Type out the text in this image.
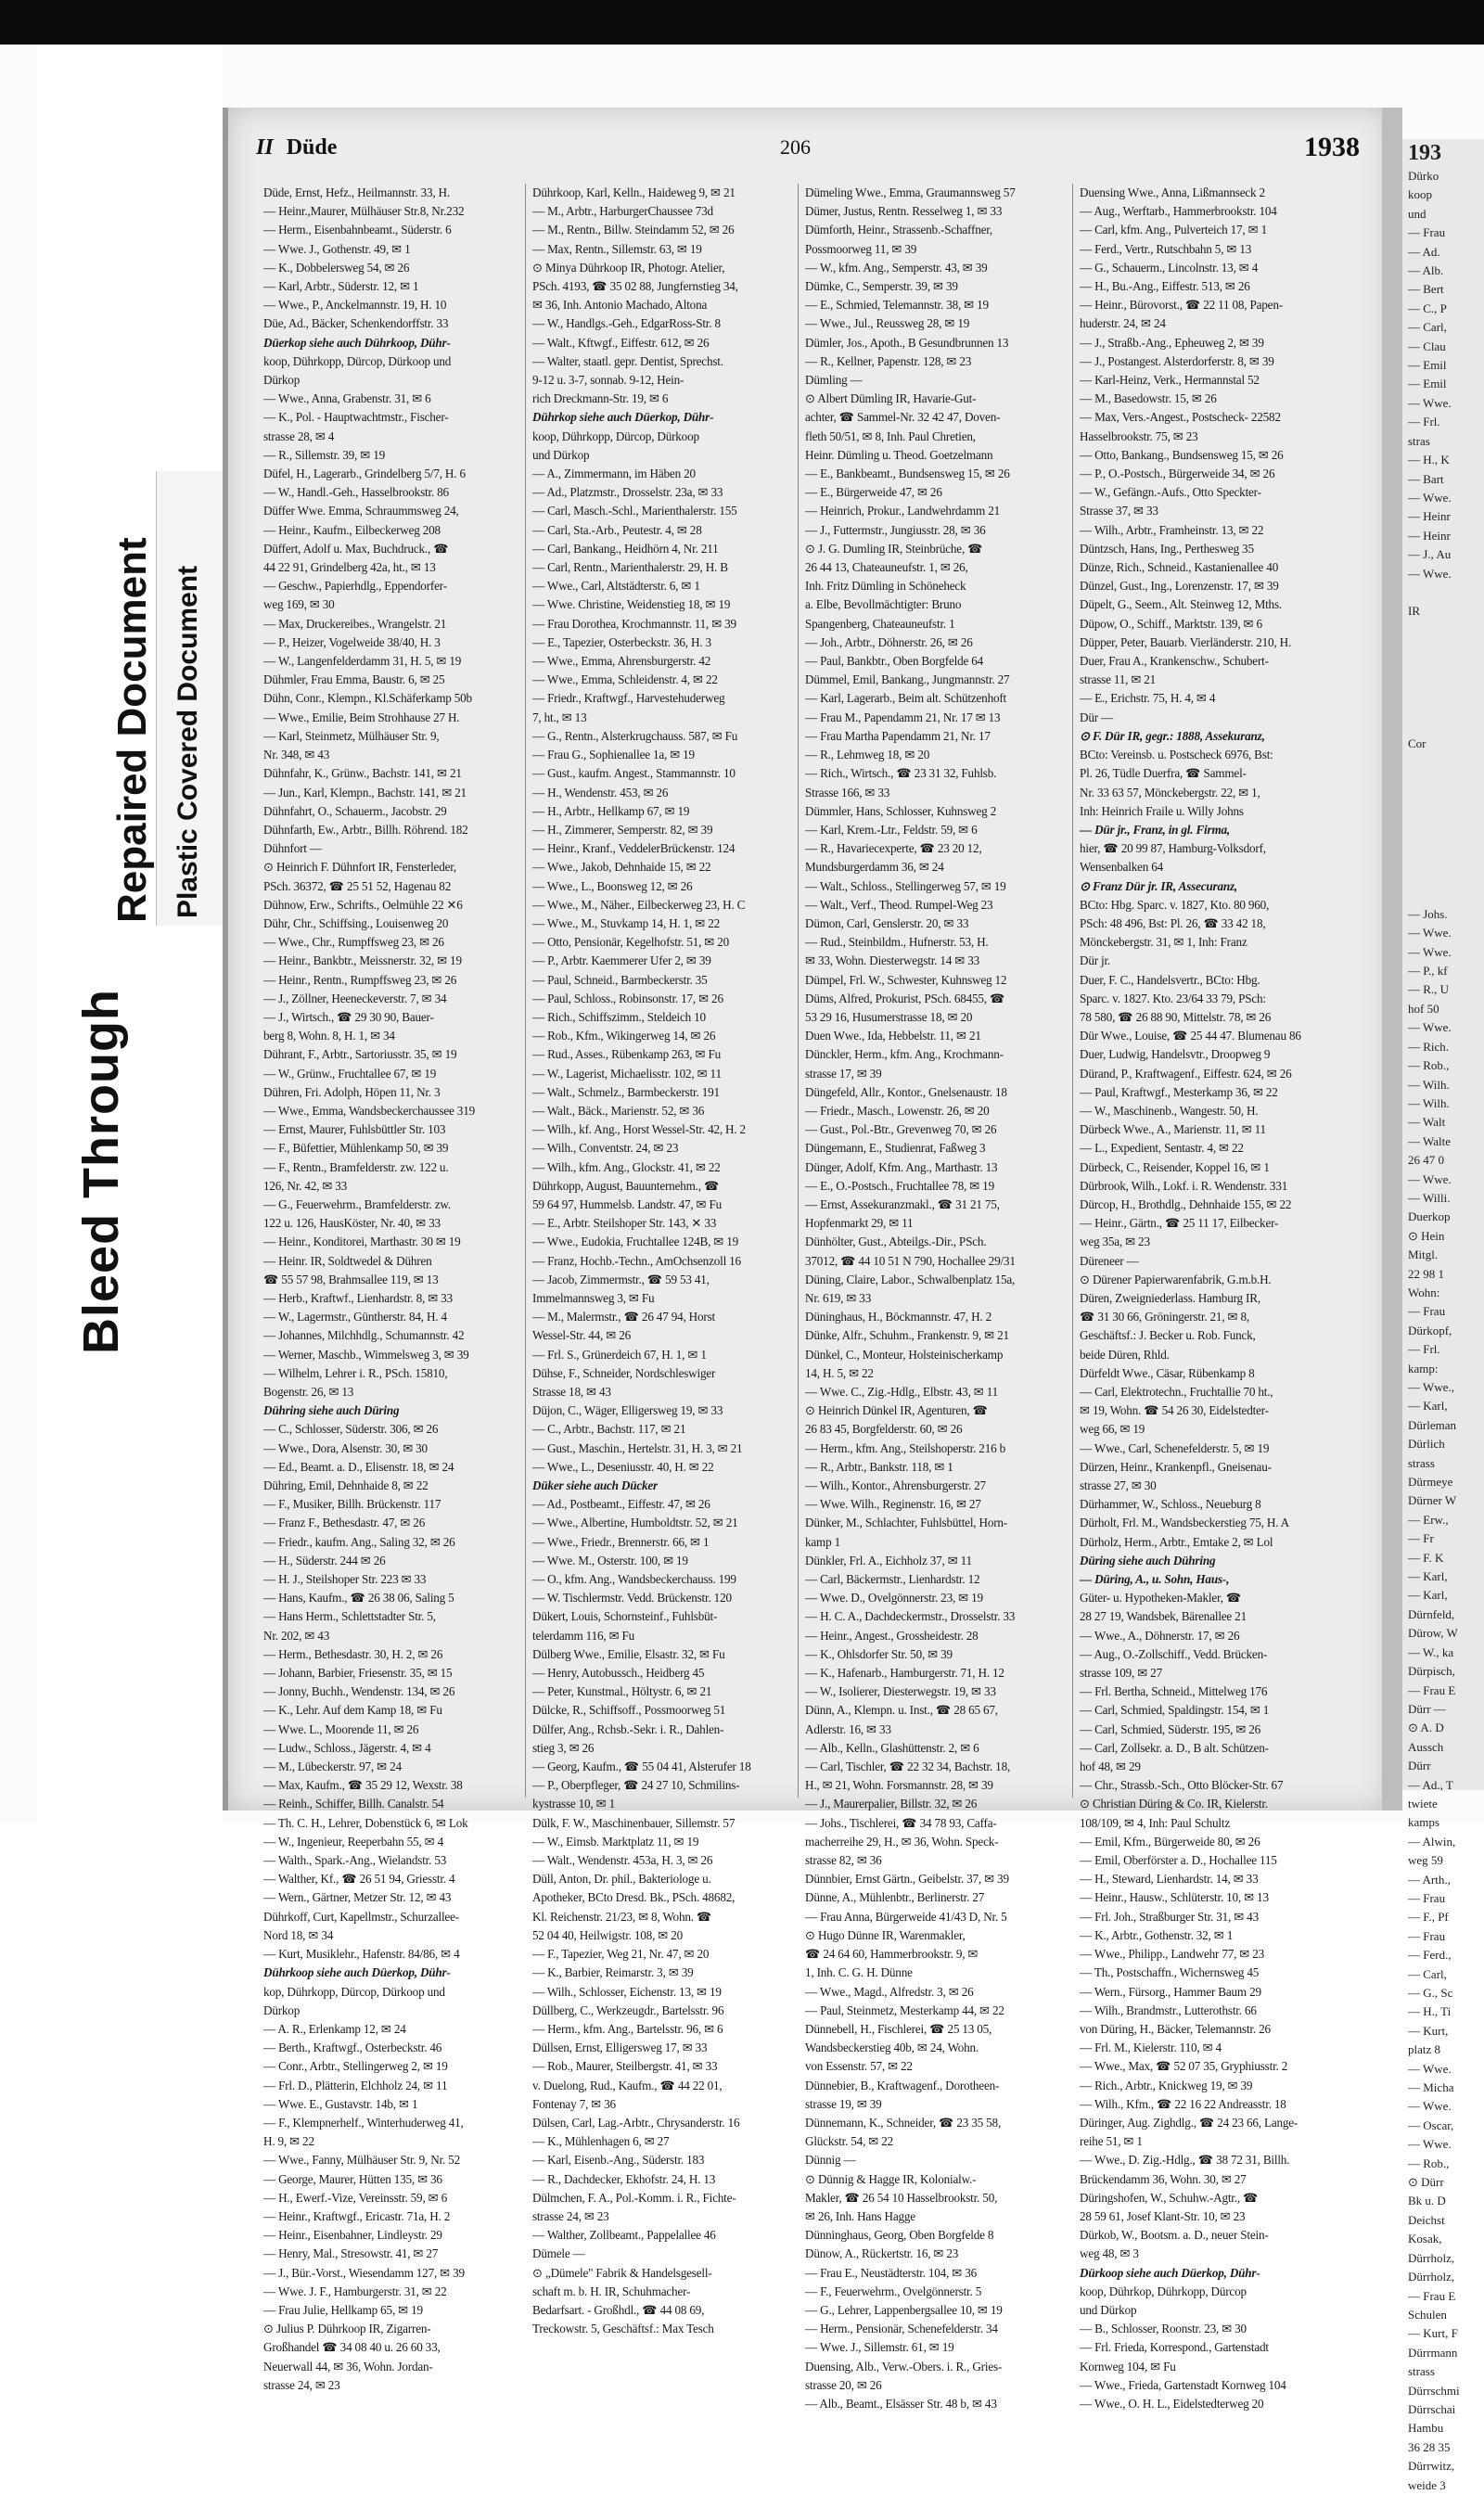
Bleed Through
Repaired Document Plastic Covered Document
II Düde	206	1938
Düde, Ernst, Hefz., Heilmannstr. 33, H.
— Heinr.,Maurer, Mülhäuser Str.8, Nr.232
— Herm., Eisenbahnbeamt., Süderstr. 6
— Wwe. J., Gothenstr. 49, ✉ 1
— K., Dobbelersweg 54, ✉ 26
— Karl, Arbtr., Süderstr. 12, ✉ 1
— Wwe., P., Anckelmannstr. 19, H. 10
Düe, Ad., Bäcker, Schenkendorffstr. 33
Düerkop siehe auch Dührkoop, Dühr-
koop, Dührkopp, Dürcop, Dürkoop und
Dürkop
— Wwe., Anna, Grabenstr. 31, ✉ 6
— K., Pol. - Hauptwachtmstr., Fischer-
strasse 28, ✉ 4
— R., Sillemstr. 39, ✉ 19
Düfel, H., Lagerarb., Grindelberg 5/7, H. 6
— W., Handl.-Geh., Hasselbrookstr. 86
Düffer Wwe. Emma, Schraummsweg 24,
— Heinr., Kaufm., Eilbeckerweg 208
Düffert, Adolf u. Max, Buchdruck., ☎
44 22 91, Grindelberg 42a, ht., ✉ 13
— Geschw., Papierhdlg., Eppendorfer-
weg 169, ✉ 30
— Max, Druckereibes., Wrangelstr. 21
— P., Heizer, Vogelweide 38/40, H. 3
— W., Langenfelderdamm 31, H. 5, ✉ 19
Dühmler, Frau Emma, Baustr. 6, ✉ 25
Dühn, Conr., Klempn., Kl.Schäferkamp 50b
— Wwe., Emilie, Beim Strohhause 27 H.
— Karl, Steinmetz, Mülhäuser Str. 9,
Nr. 348, ✉ 43
Dühnfahr, K., Grünw., Bachstr. 141, ✉ 21
— Jun., Karl, Klempn., Bachstr. 141, ✉ 21
Dühnfahrt, O., Schauerm., Jacobstr. 29
Dühnfarth, Ew., Arbtr., Billh. Röhrend. 182
Dühnfort —
⊙ Heinrich F. Dühnfort IR, Fensterleder,
PSch. 36372, ☎ 25 51 52, Hagenau 82
Dühnow, Erw., Schrifts., Oelmühle 22 ✕6
Dühr, Chr., Schiffsing., Louisenweg 20
— Wwe., Chr., Rumpffsweg 23, ✉ 26
— Heinr., Bankbtr., Meissnerstr. 32, ✉ 19
— Heinr., Rentn., Rumpffsweg 23, ✉ 26
— J., Zöllner, Heeneckeverstr. 7, ✉ 34
— J., Wirtsch., ☎ 29 30 90, Bauer-
berg 8, Wohn. 8, H. 1, ✉ 34
Dührant, F., Arbtr., Sartoriusstr. 35, ✉ 19
— W., Grünw., Fruchtallee 67, ✉ 19
Dühren, Fri. Adolph, Höpen 11, Nr. 3
— Wwe., Emma, Wandsbeckerchaussee 319
— Ernst, Maurer, Fuhlsbüttler Str. 103
— F., Büfettier, Mühlenkamp 50, ✉ 39
— F., Rentn., Bramfelderstr. zw. 122 u.
126, Nr. 42, ✉ 33
— G., Feuerwehrm., Bramfelderstr. zw.
122 u. 126, HausKöster, Nr. 40, ✉ 33
— Heinr., Konditorei, Marthastr. 30 ✉ 19
— Heinr. IR, Soldtwedel & Dühren
☎ 55 57 98, Brahmsallee 119, ✉ 13
— Herb., Kraftwf., Lienhardstr. 8, ✉ 33
— W., Lagermstr., Güntherstr. 84, H. 4
— Johannes, Milchhdlg., Schumannstr. 42
— Werner, Maschb., Wimmelsweg 3, ✉ 39
— Wilhelm, Lehrer i. R., PSch. 15810,
Bogenstr. 26, ✉ 13
Dühring siehe auch Düring
— C., Schlosser, Süderstr. 306, ✉ 26
— Wwe., Dora, Alsenstr. 30, ✉ 30
— Ed., Beamt. a. D., Elisenstr. 18, ✉ 24
Dühring, Emil, Dehnhaide 8, ✉ 22
— F., Musiker, Billh. Brückenstr. 117
— Franz F., Bethesdastr. 47, ✉ 26
— Friedr., kaufm. Ang., Saling 32, ✉ 26
— H., Süderstr. 244 ✉ 26
— H. J., Steilshoper Str. 223 ✉ 33
— Hans, Kaufm., ☎ 26 38 06, Saling 5
— Hans Herm., Schlettstadter Str. 5,
Nr. 202, ✉ 43
— Herm., Bethesdastr. 30, H. 2, ✉ 26
— Johann, Barbier, Friesenstr. 35, ✉ 15
— Jonny, Buchh., Wendenstr. 134, ✉ 26
— K., Lehr. Auf dem Kamp 18, ✉ Fu
— Wwe. L., Moorende 11, ✉ 26
— Ludw., Schloss., Jägerstr. 4, ✉ 4
— M., Lübeckerstr. 97, ✉ 24
— Max, Kaufm., ☎ 35 29 12, Wexstr. 38
— Reinh., Schiffer, Billh. Canalstr. 54
— Th. C. H., Lehrer, Dobenstück 6, ✉ Lok
— W., Ingenieur, Reeperbahn 55, ✉ 4
— Walth., Spark.-Ang., Wielandstr. 53
— Walther, Kf., ☎ 26 51 94, Griesstr. 4
— Wern., Gärtner, Metzer Str. 12, ✉ 43
Dührkoff, Curt, Kapellmstr., Schurzallee-
Nord 18, ✉ 34
— Kurt, Musiklehr., Hafenstr. 84/86, ✉ 4
Dührkoop siehe auch Düerkop, Dühr-
kop, Dührkopp, Dürcop, Dürkoop und
Dürkop
— A. R., Erlenkamp 12, ✉ 24
— Berth., Kraftwgf., Osterbeckstr. 46
— Conr., Arbtr., Stellingerweg 2, ✉ 19
— Frl. D., Plätterin, Elchholz 24, ✉ 11
— Wwe. E., Gustavstr. 14b, ✉ 1
— F., Klempnerhelf., Winterhuderweg 41,
H. 9, ✉ 22
— Wwe., Fanny, Mülhäuser Str. 9, Nr. 52
— George, Maurer, Hütten 135, ✉ 36
— H., Ewerf.-Vize, Vereinsstr. 59, ✉ 6
— Heinr., Kraftwgf., Ericastr. 71a, H. 2
— Heinr., Eisenbahner, Lindleystr. 29
— Henry, Mal., Stresowstr. 41, ✉ 27
— J., Bür.-Vorst., Wiesendamm 127, ✉ 39
— Wwe. J. F., Hamburgerstr. 31, ✉ 22
— Frau Julie, Hellkamp 65, ✉ 19
⊙ Julius P. Dührkoop IR, Zigarren-
Großhandel ☎ 34 08 40 u. 26 60 33,
Neuerwall 44, ✉ 36, Wohn. Jordan-
strasse 24, ✉ 23
Dührkoop, Karl, Kelln., Haideweg 9, ✉ 21
— M., Arbtr., HarburgerChaussee 73d
— M., Rentn., Billw. Steindamm 52, ✉ 26
— Max, Rentn., Sillemstr. 63, ✉ 19
⊙ Minya Dührkoop IR, Photogr. Atelier,
PSch. 4193, ☎ 35 02 88, Jungfernstieg 34,
✉ 36, Inh. Antonio Machado, Altona
— W., Handlgs.-Geh., EdgarRoss-Str. 8
— Walt., Kftwgf., Eiffestr. 612, ✉ 26
— Walter, staatl. gepr. Dentist, Sprechst.
9-12 u. 3-7, sonnab. 9-12, Hein-
rich Dreckmann-Str. 19, ✉ 6
Dührkop siehe auch Düerkop, Dühr-
koop, Dührkopp, Dürcop, Dürkoop
und Dürkop
— A., Zimmermann, im Häben 20
— Ad., Platzmstr., Drosselstr. 23a, ✉ 33
— Carl, Masch.-Schl., Marienthalerstr. 155
— Carl, Sta.-Arb., Peutestr. 4, ✉ 28
— Carl, Bankang., Heidhörn 4, Nr. 211
— Carl, Rentn., Marienthalerstr. 29, H. B
— Wwe., Carl, Altstädterstr. 6, ✉ 1
— Wwe. Christine, Weidenstieg 18, ✉ 19
— Frau Dorothea, Krochmannstr. 11, ✉ 39
— E., Tapezier, Osterbeckstr. 36, H. 3
— Wwe., Emma, Ahrensburgerstr. 42
— Wwe., Emma, Schleidenstr. 4, ✉ 22
— Friedr., Kraftwgf., Harvestehuderweg
7, ht., ✉ 13
— G., Rentn., Alsterkrugchauss. 587, ✉ Fu
— Frau G., Sophienallee 1a, ✉ 19
— Gust., kaufm. Angest., Stammannstr. 10
— H., Wendenstr. 453, ✉ 26
— H., Arbtr., Hellkamp 67, ✉ 19
— H., Zimmerer, Semperstr. 82, ✉ 39
— Heinr., Kranf., VeddelerBrückenstr. 124
— Wwe., Jakob, Dehnhaide 15, ✉ 22
— Wwe., L., Boonsweg 12, ✉ 26
— Wwe., M., Näher., Eilbeckerweg 23, H. C
— Wwe., M., Stuvkamp 14, H. 1, ✉ 22
— Otto, Pensionär, Kegelhofstr. 51, ✉ 20
— P., Arbtr. Kaemmerer Ufer 2, ✉ 39
— Paul, Schneid., Barmbeckerstr. 35
— Paul, Schloss., Robinsonstr. 17, ✉ 26
— Rich., Schiffszimm., Steldeich 10
— Rob., Kfm., Wikingerweg 14, ✉ 26
— Rud., Asses., Rübenkamp 263, ✉ Fu
— W., Lagerist, Michaelisstr. 102, ✉ 11
— Walt., Schmelz., Barmbeckerstr. 191
— Walt., Bäck., Marienstr. 52, ✉ 36
— Wilh., kf. Ang., Horst Wessel-Str. 42, H. 2
— Wilh., Conventstr. 24, ✉ 23
— Wilh., kfm. Ang., Glockstr. 41, ✉ 22
Dührkopp, August, Bauunternehm., ☎
59 64 97, Hummelsb. Landstr. 47, ✉ Fu
— E., Arbtr. Steilshoper Str. 143, ✕ 33
— Wwe., Eudokia, Fruchtallee 124B, ✉ 19
— Franz, Hochb.-Techn., AmOchsenzoll 16
— Jacob, Zimmermstr., ☎ 59 53 41,
Immelmannsweg 3, ✉ Fu
— M., Malermstr., ☎ 26 47 94, Horst
Wessel-Str. 44, ✉ 26
— Frl. S., Grünerdeich 67, H. 1, ✉ 1
Dühse, F., Schneider, Nordschleswiger
Strasse 18, ✉ 43
Düjon, C., Wäger, Elligersweg 19, ✉ 33
— C., Arbtr., Bachstr. 117, ✉ 21
— Gust., Maschin., Hertelstr. 31, H. 3, ✉ 21
— Wwe., L., Deseniusstr. 40, H. ✉ 22
Düker siehe auch Dücker
— Ad., Postbeamt., Eiffestr. 47, ✉ 26
— Wwe., Albertine, Humboldtstr. 52, ✉ 21
— Wwe., Friedr., Brennerstr. 66, ✉ 1
— Wwe. M., Osterstr. 100, ✉ 19
— O., kfm. Ang., Wandsbeckerchauss. 199
— W. Tischlermstr. Vedd. Brückenstr. 120
Dükert, Louis, Schornsteinf., Fuhlsbüt-
telerdamm 116, ✉ Fu
Dülberg Wwe., Emilie, Elsastr. 32, ✉ Fu
— Henry, Autobussch., Heidberg 45
— Peter, Kunstmal., Höltystr. 6, ✉ 21
Dülcke, R., Schiffsoff., Possmoorweg 51
Dülfer, Ang., Rchsb.-Sekr. i. R., Dahlen-
stieg 3, ✉ 26
— Georg, Kaufm., ☎ 55 04 41, Alsterufer 18
— P., Oberpfleger, ☎ 24 27 10, Schmilins-
kystrasse 10, ✉ 1
Dülk, F. W., Maschinenbauer, Sillemstr. 57
— W., Eimsb. Marktplatz 11, ✉ 19
— Walt., Wendenstr. 453a, H. 3, ✉ 26
Düll, Anton, Dr. phil., Bakteriologe u.
Apotheker, BCto Dresd. Bk., PSch. 48682,
Kl. Reichenstr. 21/23, ✉ 8, Wohn. ☎
52 04 40, Heilwigstr. 108, ✉ 20
— F., Tapezier, Weg 21, Nr. 47, ✉ 20
— K., Barbier, Reimarstr. 3, ✉ 39
— Wilh., Schlosser, Eichenstr. 13, ✉ 19
Düllberg, C., Werkzeugdr., Bartelsstr. 96
— Herm., kfm. Ang., Bartelsstr. 96, ✉ 6
Düllsen, Ernst, Elligersweg 17, ✉ 33
— Rob., Maurer, Steilbergstr. 41, ✉ 33
v. Duelong, Rud., Kaufm., ☎ 44 22 01,
Fontenay 7, ✉ 36
Dülsen, Carl, Lag.-Arbtr., Chrysanderstr. 16
— K., Mühlenhagen 6, ✉ 27
— Karl, Eisenb.-Ang., Süderstr. 183
— R., Dachdecker, Ekhofstr. 24, H. 13
Dülmchen, F. A., Pol.-Komm. i. R., Fichte-
strasse 24, ✉ 23
— Walther, Zollbeamt., Pappelallee 46
Dümele —
⊙ „Dümele" Fabrik & Handelsgesell-
schaft m. b. H. IR, Schuhmacher-
Bedarfsart. - Großhdl., ☎ 44 08 69,
Treckowstr. 5, Geschäftsf.: Max Tesch
Dümeling Wwe., Emma, Graumannsweg 57
Dümer, Justus, Rentn. Resselweg 1, ✉ 33
Dümforth, Heinr., Strassenb.-Schaffner,
Possmoorweg 11, ✉ 39
— W., kfm. Ang., Semperstr. 43, ✉ 39
Dümke, C., Semperstr. 39, ✉ 39
— E., Schmied, Telemannstr. 38, ✉ 19
— Wwe., Jul., Reussweg 28, ✉ 19
Dümler, Jos., Apoth., B Gesundbrunnen 13
— R., Kellner, Papenstr. 128, ✉ 23
Dümling —
⊙ Albert Dümling IR, Havarie-Gut-
achter, ☎ Sammel-Nr. 32 42 47, Doven-
fleth 50/51, ✉ 8, Inh. Paul Chretien,
Heinr. Dümling u. Theod. Goetzelmann
— E., Bankbeamt., Bundsensweg 15, ✉ 26
— E., Bürgerweide 47, ✉ 26
— Heinrich, Prokur., Landwehrdamm 21
— J., Futtermstr., Jungiusstr. 28, ✉ 36
⊙ J. G. Dumling IR, Steinbrüche, ☎
26 44 13, Chateauneufstr. 1, ✉ 26,
Inh. Fritz Dümling in Schöneheck
a. Elbe, Bevollmächtigter: Bruno
Spangenberg, Chateauneufstr. 1
— Joh., Arbtr., Döhnerstr. 26, ✉ 26
— Paul, Bankbtr., Oben Borgfelde 64
Dümmel, Emil, Bankang., Jungmannstr. 27
— Karl, Lagerarb., Beim alt. Schützenhoft
— Frau M., Papendamm 21, Nr. 17 ✉ 13
— Frau Martha Papendamm 21, Nr. 17
— R., Lehmweg 18, ✉ 20
— Rich., Wirtsch., ☎ 23 31 32, Fuhlsb.
Strasse 166, ✉ 33
Dümmler, Hans, Schlosser, Kuhnsweg 2
— Karl, Krem.-Ltr., Feldstr. 59, ✉ 6
— R., Havariecexperte, ☎ 23 20 12,
Mundsburgerdamm 36, ✉ 24
— Walt., Schloss., Stellingerweg 57, ✉ 19
— Walt., Verf., Theod. Rumpel-Weg 23
Dümon, Carl, Genslerstr. 20, ✉ 33
— Rud., Steinbildm., Hufnerstr. 53, H.
✉ 33, Wohn. Diesterwegstr. 14 ✉ 33
Dümpel, Frl. W., Schwester, Kuhnsweg 12
Düms, Alfred, Prokurist, PSch. 68455, ☎
53 29 16, Husumerstrasse 18, ✉ 20
Duen Wwe., Ida, Hebbelstr. 11, ✉ 21
Dünckler, Herm., kfm. Ang., Krochmann-
strasse 17, ✉ 39
Düngefeld, Allr., Kontor., Gnelsenaustr. 18
— Friedr., Masch., Lowenstr. 26, ✉ 20
— Gust., Pol.-Btr., Grevenweg 70, ✉ 26
Düngemann, E., Studienrat, Faßweg 3
Dünger, Adolf, Kfm. Ang., Marthastr. 13
— E., O.-Postsch., Fruchtallee 78, ✉ 19
— Ernst, Assekuranzmakl., ☎ 31 21 75,
Hopfenmarkt 29, ✉ 11
Dünhölter, Gust., Abteilgs.-Dir., PSch.
37012, ☎ 44 10 51 N 790, Hochallee 29/31
Düning, Claire, Labor., Schwalbenplatz 15a,
Nr. 619, ✉ 33
Düninghaus, H., Böckmannstr. 47, H. 2
Dünke, Alfr., Schuhm., Frankenstr. 9, ✉ 21
Dünkel, C., Monteur, Holsteinischerkamp
14, H. 5, ✉ 22
— Wwe. C., Zig.-Hdlg., Elbstr. 43, ✉ 11
⊙ Heinrich Dünkel IR, Agenturen, ☎
26 83 45, Borgfelderstr. 60, ✉ 26
— Herm., kfm. Ang., Steilshoperstr. 216 b
— R., Arbtr., Bankstr. 118, ✉ 1
— Wilh., Kontor., Ahrensburgerstr. 27
— Wwe. Wilh., Reginenstr. 16, ✉ 27
Dünker, M., Schlachter, Fuhlsbüttel, Horn-
kamp 1
Dünkler, Frl. A., Eichholz 37, ✉ 11
— Carl, Bäckermstr., Lienhardstr. 12
— Wwe. D., Ovelgönnerstr. 23, ✉ 19
— H. C. A., Dachdeckermstr., Drosselstr. 33
— Heinr., Angest., Grossheidestr. 28
— K., Ohlsdorfer Str. 50, ✉ 39
— K., Hafenarb., Hamburgerstr. 71, H. 12
— W., Isolierer, Diesterwegstr. 19, ✉ 33
Dünn, A., Klempn. u. Inst., ☎ 28 65 67,
Adlerstr. 16, ✉ 33
— Alb., Kelln., Glashüttenstr. 2, ✉ 6
— Carl, Tischler, ☎ 22 32 34, Bachstr. 18,
H., ✉ 21, Wohn. Forsmannstr. 28, ✉ 39
— J., Maurerpalier, Billstr. 32, ✉ 26
— Johs., Tischlerei, ☎ 34 78 93, Caffa-
macherreihe 29, H., ✉ 36, Wohn. Speck-
strasse 82, ✉ 36
Dünnbier, Ernst Gärtn., Geibelstr. 37, ✉ 39
Dünne, A., Mühlenbtr., Berlinerstr. 27
— Frau Anna, Bürgerweide 41/43 D, Nr. 5
⊙ Hugo Dünne IR, Warenmakler,
☎ 24 64 60, Hammerbrookstr. 9, ✉
1, Inh. C. G. H. Dünne
— Wwe., Magd., Alfredstr. 3, ✉ 26
— Paul, Steinmetz, Mesterkamp 44, ✉ 22
Dünnebell, H., Fischlerei, ☎ 25 13 05,
Wandsbeckerstieg 40b, ✉ 24, Wohn.
von Essenstr. 57, ✉ 22
Dünnebier, B., Kraftwagenf., Dorotheen-
strasse 19, ✉ 39
Dünnemann, K., Schneider, ☎ 23 35 58,
Glückstr. 54, ✉ 22
Dünnig —
⊙ Dünnig & Hagge IR, Kolonialw.-
Makler, ☎ 26 54 10 Hasselbrookstr. 50,
✉ 26, Inh. Hans Hagge
Dünninghaus, Georg, Oben Borgfelde 8
Dünow, A., Rückertstr. 16, ✉ 23
— Frau E., Neustädterstr. 104, ✉ 36
— F., Feuerwehrm., Ovelgönnerstr. 5
— G., Lehrer, Lappenbergsallee 10, ✉ 19
— Herm., Pensionär, Schenefelderstr. 34
— Wwe. J., Sillemstr. 61, ✉ 19
Duensing, Alb., Verw.-Obers. i. R., Gries-
strasse 20, ✉ 26
— Alb., Beamt., Elsässer Str. 48 b, ✉ 43
Duensing Wwe., Anna, Lißmannseck 2
— Aug., Werftarb., Hammerbrookstr. 104
— Carl, kfm. Ang., Pulverteich 17, ✉ 1
— Ferd., Vertr., Rutschbahn 5, ✉ 13
— G., Schauerm., Lincolnstr. 13, ✉ 4
— H., Bu.-Ang., Eiffestr. 513, ✉ 26
— Heinr., Bürovorst., ☎ 22 11 08, Papen-
huderstr. 24, ✉ 24
— J., Straßb.-Ang., Epheuweg 2, ✉ 39
— J., Postangest. Alsterdorferstr. 8, ✉ 39
— Karl-Heinz, Verk., Hermannstal 52
— M., Basedowstr. 15, ✉ 26
— Max, Vers.-Angest., Postscheck- 22582
Hasselbrookstr. 75, ✉ 23
— Otto, Bankang., Bundsensweg 15, ✉ 26
— P., O.-Postsch., Bürgerweide 34, ✉ 26
— W., Gefängn.-Aufs., Otto Speckter-
Strasse 37, ✉ 33
— Wilh., Arbtr., Framheinstr. 13, ✉ 22
Düntzsch, Hans, Ing., Perthesweg 35
Dünze, Rich., Schneid., Kastanienallee 40
Dünzel, Gust., Ing., Lorenzenstr. 17, ✉ 39
Düpelt, G., Seem., Alt. Steinweg 12, Mths.
Düpow, O., Schiff., Marktstr. 139, ✉ 6
Düpper, Peter, Bauarb. Vierländerstr. 210, H.
Duer, Frau A., Krankenschw., Schubert-
strasse 11, ✉ 21
— E., Erichstr. 75, H. 4, ✉ 4
Dür —
⊙ F. Dür IR, gegr.: 1888, Assekuranz,
BCto: Vereinsb. u. Postscheck 6976, Bst:
Pl. 26, Tüdle Duerfra, ☎ Sammel-
Nr. 33 63 57, Mönckebergstr. 22, ✉ 1,
Inh: Heinrich Fraile u. Willy Johns
— Dür jr., Franz, in gl. Firma,
hier, ☎ 20 99 87, Hamburg-Volksdorf,
Wensenbalken 64
⊙ Franz Dür jr. IR, Assecuranz,
BCto: Hbg. Sparc. v. 1827, Kto. 80 960,
PSch: 48 496, Bst: Pl. 26, ☎ 33 42 18,
Mönckebergstr. 31, ✉ 1, Inh: Franz
Dür jr.
Duer, F. C., Handelsvertr., BCto: Hbg.
Sparc. v. 1827. Kto. 23/64 33 79, PSch:
78 580, ☎ 26 88 90, Mittelstr. 78, ✉ 26
Dür Wwe., Louise, ☎ 25 44 47. Blumenau 86
Duer, Ludwig, Handelsvtr., Droopweg 9
Dürand, P., Kraftwagenf., Eiffestr. 624, ✉ 26
— Paul, Kraftwgf., Mesterkamp 36, ✉ 22
— W., Maschinenb., Wangestr. 50, H.
Dürbeck Wwe., A., Marienstr. 11, ✉ 11
— L., Expedient, Sentastr. 4, ✉ 22
Dürbeck, C., Reisender, Koppel 16, ✉ 1
Dürbrook, Wilh., Lokf. i. R. Wendenstr. 331
Dürcop, H., Brothdlg., Dehnhaide 155, ✉ 22
— Heinr., Gärtn., ☎ 25 11 17, Eilbecker-
weg 35a, ✉ 23
Düreneer —
⊙ Dürener Papierwarenfabrik, G.m.b.H.
Düren, Zweigniederlass. Hamburg IR,
☎ 31 30 66, Gröningerstr. 21, ✉ 8,
Geschäftsf.: J. Becker u. Rob. Funck,
beide Düren, Rhld.
Dürfeldt Wwe., Cäsar, Rübenkamp 8
— Carl, Elektrotechn., Fruchtallie 70 ht.,
✉ 19, Wohn. ☎ 54 26 30, Eidelstedter-
weg 66, ✉ 19
— Wwe., Carl, Schenefelderstr. 5, ✉ 19
Dürzen, Heinr., Krankenpfl., Gneisenau-
strasse 27, ✉ 30
Dürhammer, W., Schloss., Neueburg 8
Dürholt, Frl. M., Wandsbeckerstieg 75, H. A
Dürholz, Herm., Arbtr., Emtake 2, ✉ Lol
Düring siehe auch Dühring
— Düring, A., u. Sohn, Haus-,
Güter- u. Hypotheken-Makler, ☎
28 27 19, Wandsbek, Bärenallee 21
— Wwe., A., Döhnerstr. 17, ✉ 26
— Aug., O.-Zollschiff., Vedd. Brücken-
strasse 109, ✉ 27
— Frl. Bertha, Schneid., Mittelweg 176
— Carl, Schmied, Spaldingstr. 154, ✉ 1
— Carl, Schmied, Süderstr. 195, ✉ 26
— Carl, Zollsekr. a. D., B alt. Schützen-
hof 48, ✉ 29
— Chr., Strassb.-Sch., Otto Blöcker-Str. 67
⊙ Christian Düring & Co. IR, Kielerstr.
108/109, ✉ 4, Inh: Paul Schultz
— Emil, Kfm., Bürgerweide 80, ✉ 26
— Emil, Oberförster a. D., Hochallee 115
— H., Steward, Lienhardstr. 14, ✉ 33
— Heinr., Hausw., Schlüterstr. 10, ✉ 13
— Frl. Joh., Straßburger Str. 31, ✉ 43
— K., Arbtr., Gothenstr. 32, ✉ 1
— Wwe., Philipp., Landwehr 77, ✉ 23
— Th., Postschaffn., Wichernsweg 45
— Wern., Fürsorg., Hammer Baum 29
— Wilh., Brandmstr., Lutterothstr. 66
von Düring, H., Bäcker, Telemannstr. 26
— Frl. M., Kielerstr. 110, ✉ 4
— Wwe., Max, ☎ 52 07 35, Gryphiusstr. 2
— Rich., Arbtr., Knickweg 19, ✉ 39
— Wilh., Kfm., ☎ 22 16 22 Andreasstr. 18
Düringer, Aug. Zighdlg., ☎ 24 23 66, Lange-
reihe 51, ✉ 1
— Wwe., D. Zig.-Hdlg., ☎ 38 72 31, Billh.
Brückendamm 36, Wohn. 30, ✉ 27
Düringshofen, W., Schuhw.-Agtr., ☎
28 59 61, Josef Klant-Str. 10, ✉ 23
Dürkob, W., Bootsm. a. D., neuer Stein-
weg 48, ✉ 3
Dürkoop siehe auch Düerkop, Dühr-
koop, Dührkop, Dührkopp, Dürcop
und Dürkop
— B., Schlosser, Roonstr. 23, ✉ 30
— Frl. Frieda, Korrespond., Gartenstadt
Kornweg 104, ✉ Fu
— Wwe., Frieda, Gartenstadt Kornweg 104
— Wwe., O. H. L., Eidelstedterweg 20
193
Dürko
koop
und
— Frau
— Ad.
— Alb.
— Bert
— C., P
— Carl,
— Clau
— Emil
— Emil
— Wwe.
— Frl.
stras
— H., K
— Bart
— Wwe.
— Heinr
— Heinr
— J., Au
— Wwe.

IR

Cor

— Johs.
— Wwe.
— Wwe.
— P., kf
— R., U
hof 50
— Wwe.
— Rich.
— Rob.,
— Wilh.
— Wilh.
— Walt
— Walte
26 47 0
— Wwe.
— Willi.
Duerkop
⊙ Hein
Mitgl.
22 98 1
Wohn:
— Frau
Dürkopf,
— Frl.
kamp:
— Wwe.,
— Karl,
Dürleman
Dürlich
strass
Dürmeye
Dürner W
— Erw.,
— Fr
— F. K
— Karl,
— Karl,
Dürnfeld,
Dürow, W
— W., ka
Dürpisch,
— Frau E
Dürr —
⊙ A. D
Aussch
Dürr
— Ad., T
twiete
kamps
— Alwin,
weg 59
— Arth.,
— Frau
— F., Pf
— Frau
— Ferd.,
— Carl,
— G., Sc
— H., Ti
— Kurt,
platz 8
— Wwe.
— Micha
— Wwe.
— Oscar,
— Wwe.
— Rob.,
⊙ Dürr
Bk u. D
Deichst
Kosak,
Dürrholz,
Dürrholz,
— Frau E
Schulen
— Kurt, F
Dürrmann
strass
Dürrschmi
Dürrschai
Hambu
36 28 35
Dürrwitz,
weide 3
